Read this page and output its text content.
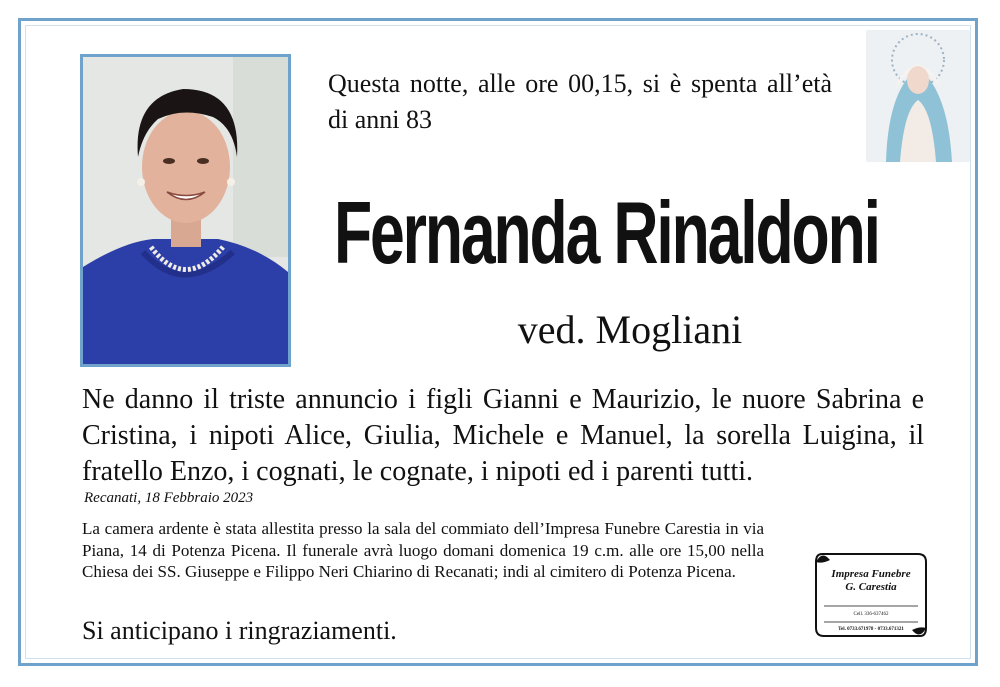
Questa notte, alle ore 00,15, si è spenta all’età di anni 83
Fernanda Rinaldoni
ved. Mogliani
Ne danno il triste annuncio i figli Gianni e Maurizio, le nuore Sabrina e Cristina, i nipoti Alice, Giulia, Michele e Manuel, la sorella Luigina, il fratello Enzo, i cognati, le cognate, i nipoti ed i parenti tutti.
Recanati, 18 Febbraio 2023
La camera ardente è stata allestita presso la sala del commiato dell’Impresa Funebre Carestia in via Piana, 14 di Potenza Picena. Il funerale avrà luogo domani domenica 19 c.m. alle ore 15,00 nella Chiesa dei SS. Giuseppe e Filippo Neri Chiarino di Recanati; indi al cimitero di Potenza Picena.
Si anticipano i ringraziamenti.
Impresa Funebre
G. Carestia
Cell. 336-637462
Tel. 0733.671978 - 0733.671321
